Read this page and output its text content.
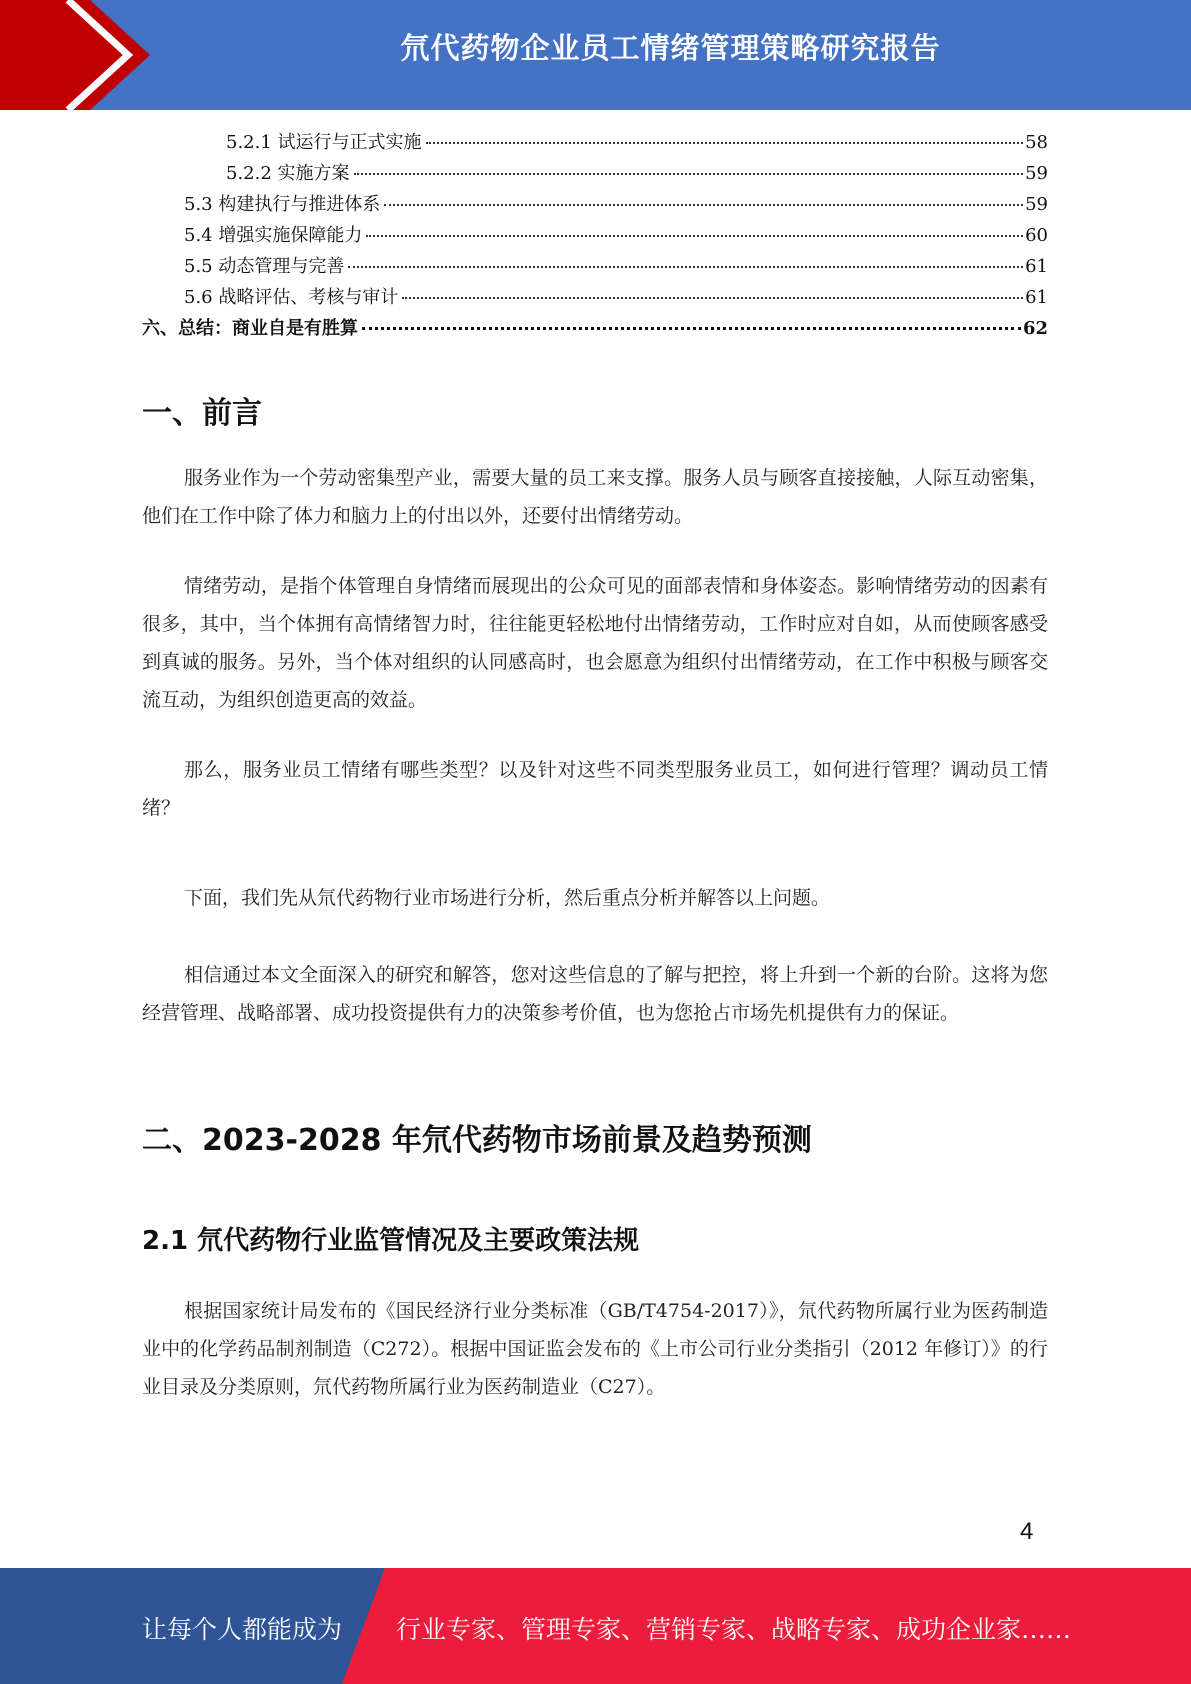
氘代药物企业员工情绪管理策略研究报告
5.2.1 试运行与正式实施	58
5.2.2 实施方案	59
5.3 构建执行与推进体系	59
5.4 增强实施保障能力	60
5.5 动态管理与完善	61
5.6 战略评估、考核与审计	61
六、总结：商业自是有胜算	62
一、前言

服务业作为一个劳动密集型产业，需要大量的员工来支撑。服务人员与顾客直接接触，人际互动密集，他们在工作中除了体力和脑力上的付出以外，还要付出情绪劳动。

情绪劳动，是指个体管理自身情绪而展现出的公众可见的面部表情和身体姿态。影响情绪劳动的因素有很多，其中，当个体拥有高情绪智力时，往往能更轻松地付出情绪劳动，工作时应对自如，从而使顾客感受到真诚的服务。另外，当个体对组织的认同感高时，也会愿意为组织付出情绪劳动，在工作中积极与顾客交流互动，为组织创造更高的效益。

那么，服务业员工情绪有哪些类型？以及针对这些不同类型服务业员工，如何进行管理？调动员工情绪？

下面，我们先从氘代药物行业市场进行分析，然后重点分析并解答以上问题。

相信通过本文全面深入的研究和解答，您对这些信息的了解与把控，将上升到一个新的台阶。这将为您经营管理、战略部署、成功投资提供有力的决策参考价值，也为您抢占市场先机提供有力的保证。

二、2023-2028 年氘代药物市场前景及趋势预测
2.1 氘代药物行业监管情况及主要政策法规

根据国家统计局发布的《国民经济行业分类标准（GB/T4754-2017）》，氘代药物所属行业为医药制造业中的化学药品制剂制造（C272）。根据中国证监会发布的《上市公司行业分类指引（2012 年修订）》的行业目录及分类原则，氘代药物所属行业为医药制造业（C27）。

4
让每个人都能成为 行业专家、管理专家、营销专家、战略专家、成功企业家……
